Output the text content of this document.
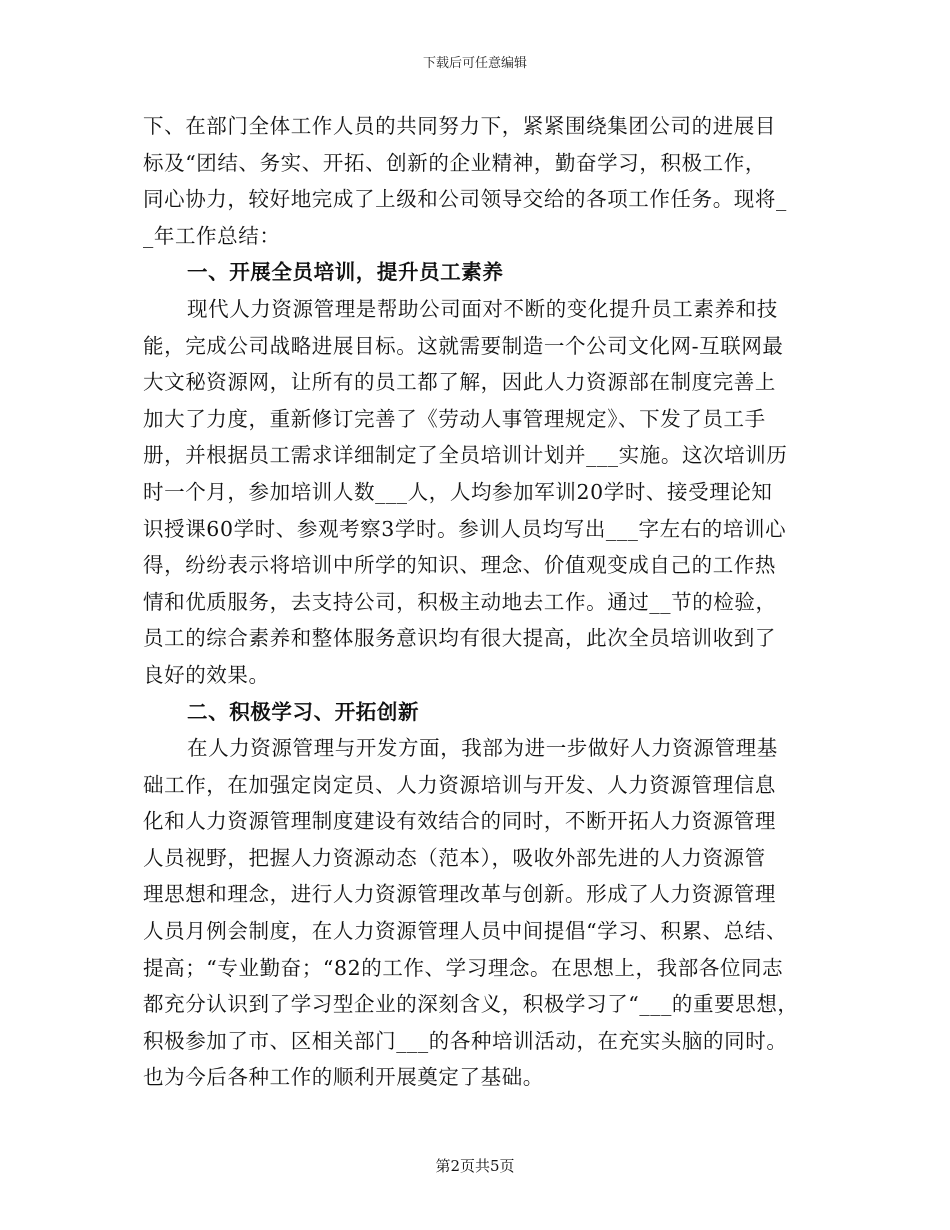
下载后可任意编辑
下、在部门全体工作人员的共同努力下，紧紧围绕集团公司的进展目
标及“团结、务实、开拓、创新的企业精神，勤奋学习，积极工作，
同心协力，较好地完成了上级和公司领导交给的各项工作任务。现将_
_年工作总结：
一、开展全员培训，提升员工素养
现代人力资源管理是帮助公司面对不断的变化提升员工素养和技
能，完成公司战略进展目标。这就需要制造一个公司文化网-互联网最
大文秘资源网，让所有的员工都了解，因此人力资源部在制度完善上
加大了力度，重新修订完善了《劳动人事管理规定》、下发了员工手
册，并根据员工需求详细制定了全员培训计划并___实施。这次培训历
时一个月，参加培训人数___人，人均参加军训20学时、接受理论知
识授课60学时、参观考察3学时。参训人员均写出___字左右的培训心
得，纷纷表示将培训中所学的知识、理念、价值观变成自己的工作热
情和优质服务，去支持公司，积极主动地去工作。通过__节的检验，
员工的综合素养和整体服务意识均有很大提高，此次全员培训收到了
良好的效果。
二、积极学习、开拓创新
在人力资源管理与开发方面，我部为进一步做好人力资源管理基
础工作，在加强定岗定员、人力资源培训与开发、人力资源管理信息
化和人力资源管理制度建设有效结合的同时，不断开拓人力资源管理
人员视野，把握人力资源动态（范本），吸收外部先进的人力资源管
理思想和理念，进行人力资源管理改革与创新。形成了人力资源管理
人员月例会制度，在人力资源管理人员中间提倡“学习、积累、总结、
提高；“专业勤奋；“82的工作、学习理念。在思想上，我部各位同志
都充分认识到了学习型企业的深刻含义，积极学习了“___的重要思想，
积极参加了市、区相关部门___的各种培训活动，在充实头脑的同时。
也为今后各种工作的顺利开展奠定了基础。
第2页共5页
